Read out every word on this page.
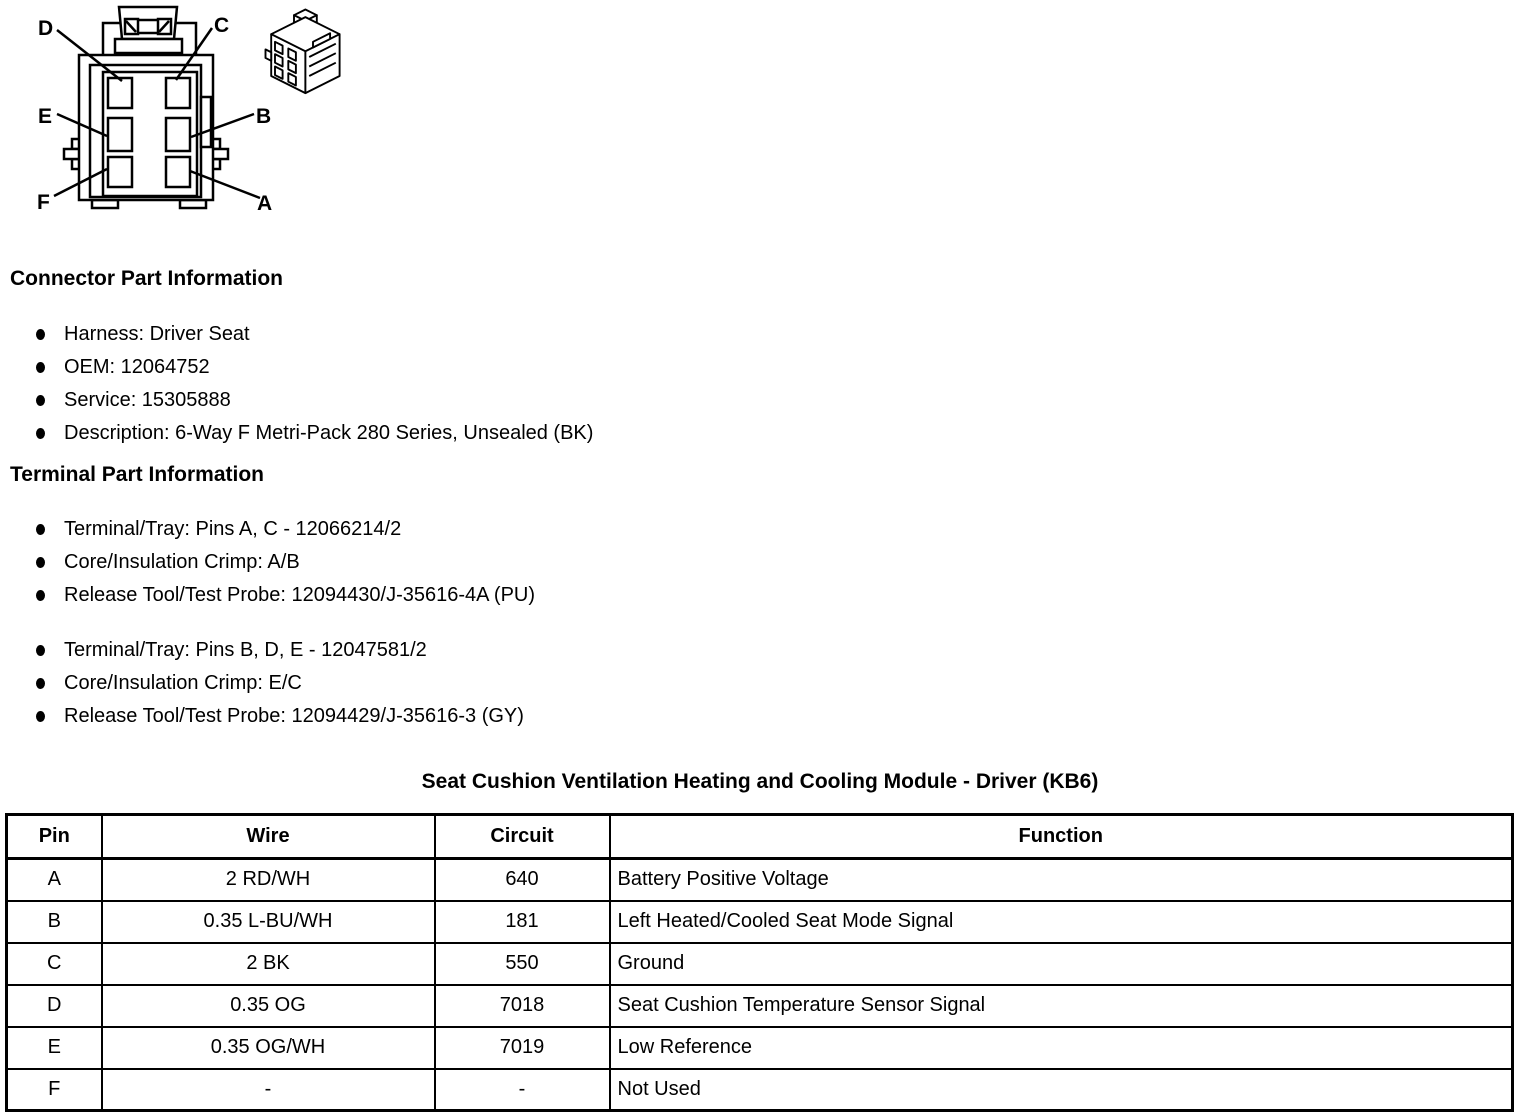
D	C
E	B
F	A
Connector Part Information
Harness: Driver Seat
OEM: 12064752
Service: 15305888
Description: 6-Way F Metri-Pack 280 Series, Unsealed (BK)
Terminal Part Information
Terminal/Tray: Pins A, C - 12066214/2
Core/Insulation Crimp: A/B
Release Tool/Test Probe: 12094430/J-35616-4A (PU)
Terminal/Tray: Pins B, D, E - 12047581/2
Core/Insulation Crimp: E/C
Release Tool/Test Probe: 12094429/J-35616-3 (GY)
Seat Cushion Ventilation Heating and Cooling Module - Driver (KB6)
Pin	Wire	Circuit	Function
A	2 RD/WH	640	Battery Positive Voltage
B	0.35 L-BU/WH	181	Left Heated/Cooled Seat Mode Signal
C	2 BK	550	Ground
D	0.35 OG	7018	Seat Cushion Temperature Sensor Signal
E	0.35 OG/WH	7019	Low Reference
F	-	-	Not Used
